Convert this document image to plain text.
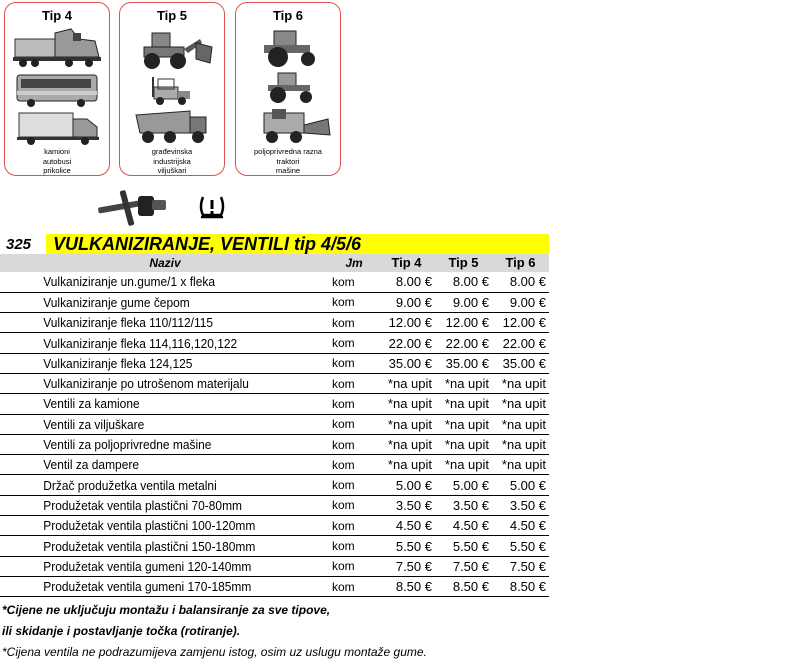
Tip 4
kamioni
autobusi
prikolice
Tip 5
građevinska
industrijska
viljuškari
Tip 6
poljoprivredna razna
traktori
mašine
325 VULKANIZIRANJE, VENTILI tip 4/5/6
Naziv	Jm	Tip 4	Tip 5	Tip 6
Vulkaniziranje un.gume/1 x fleka	kom	8.00 €	8.00 €	8.00 €
Vulkaniziranje gume čepom	kom	9.00 €	9.00 €	9.00 €
Vulkaniziranje fleka 110/112/115	kom	12.00 €	12.00 €	12.00 €
Vulkaniziranje fleka 114,116,120,122	kom	22.00 €	22.00 €	22.00 €
Vulkaniziranje fleka 124,125	kom	35.00 €	35.00 €	35.00 €
Vulkaniziranje po utrošenom materijalu	kom	*na upit	*na upit	*na upit
Ventili za kamione	kom	*na upit	*na upit	*na upit
Ventili za viljuškare	kom	*na upit	*na upit	*na upit
Ventili za poljoprivredne mašine	kom	*na upit	*na upit	*na upit
Ventil za dampere	kom	*na upit	*na upit	*na upit
Držač produžetka ventila metalni	kom	5.00 €	5.00 €	5.00 €
Produžetak ventila plastični 70-80mm	kom	3.50 €	3.50 €	3.50 €
Produžetak ventila plastični 100-120mm	kom	4.50 €	4.50 €	4.50 €
Produžetak ventila plastični 150-180mm	kom	5.50 €	5.50 €	5.50 €
Produžetak ventila gumeni 120-140mm	kom	7.50 €	7.50 €	7.50 €
Produžetak ventila gumeni 170-185mm	kom	8.50 €	8.50 €	8.50 €
*Cijene ne uključuju montažu i balansiranje za sve tipove,
ili skidanje i postavljanje točka (rotiranje).
*Cijena ventila ne podrazumijeva zamjenu istog, osim uz uslugu montaže gume.
